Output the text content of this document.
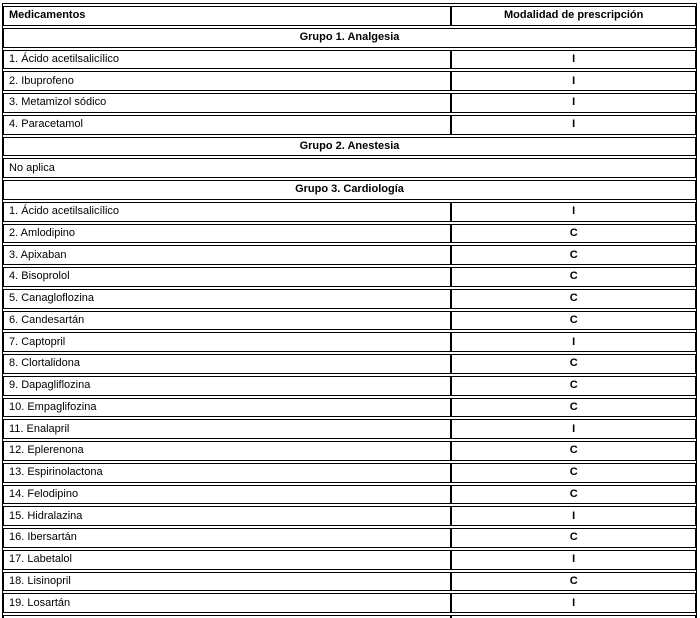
Medicamentos	Modalidad de prescripción
Grupo 1. Analgesia	
1. Ácido acetilsalicílico	I
2. Ibuprofeno	I
3. Metamizol sódico	I
4. Paracetamol	I
Grupo 2. Anestesia	
No aplica	
Grupo 3. Cardiología	
1. Ácido acetilsalicílico	I
2. Amlodipino	C
3. Apixaban	C
4. Bisoprolol	C
5. Canagloflozina	C
6. Candesartán	C
7. Captopril	I
8. Clortalidona	C
9. Dapagliflozina	C
10. Empaglifozina	C
11. Enalapril	I
12. Eplerenona	C
13. Espirinolactona	C
14. Felodipino	C
15. Hidralazina	I
16. Ibersartán	C
17. Labetalol	I
18. Lisinopril	C
19. Losartán	I
